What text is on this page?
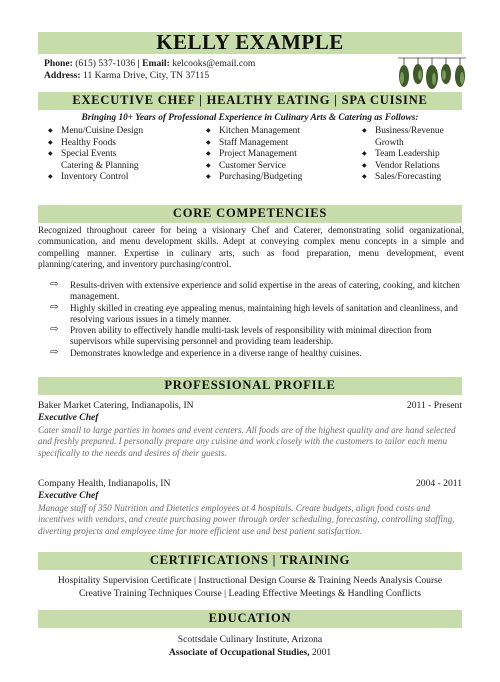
KELLY EXAMPLE
Phone: (615) 537-1036 | Email: kelcooks@email.com
Address: 11 Karma Drive, City, TN 37115
EXECUTIVE CHEF | HEALTHY EATING | SPA CUISINE
Bringing 10+ Years of Professional Experience in Culinary Arts & Catering as Follows:
◆ Menu/Cuisine Design
◆ Healthy Foods
◆ Special Events
Catering & Planning
◆ Inventory Control
◆ Kitchen Management
◆ Staff Management
◆ Project Management
◆ Customer Service
◆ Purchasing/Budgeting
◆ Business/Revenue
Growth
◆ Team Leadership
◆ Vendor Relations
◆ Sales/Forecasting
CORE COMPETENCIES
Recognized throughout career for being a visionary Chef and Caterer, demonstrating solid organizational, communication, and menu development skills. Adept at conveying complex menu concepts in a simple and compelling manner. Expertise in culinary arts, such as food preparation, menu development, event planning/catering, and inventory purchasing/control.
⇨ Results-driven with extensive experience and solid expertise in the areas of catering, cooking, and kitchen management.
⇨ Highly skilled in creating eye appealing menus, maintaining high levels of sanitation and cleanliness, and resolving various issues in a timely manner.
⇨ Proven ability to effectively handle multi-task levels of responsibility with minimal direction from supervisors while supervising personnel and providing team leadership.
⇨ Demonstrates knowledge and experience in a diverse range of healthy cuisines.
PROFESSIONAL PROFILE
Baker Market Catering, Indianapolis, IN	2011 - Present
Executive Chef
Cater small to large parties in homes and event centers. All foods are of the highest quality and are hand selected and freshly prepared. I personally prepare any cuisine and work closely with the customers to tailor each menu specifically to the needs and desires of their guests.
Company Health, Indianapolis, IN	2004 - 2011
Executive Chef
Manage staff of 350 Nutrition and Dietetics employees at 4 hospitals. Create budgets, align food costs and incentives with vendors, and create purchasing power through order scheduling, forecasting, controlling staffing, diverting projects and employee time for more efficient use and best patient satisfaction.
CERTIFICATIONS | TRAINING
Hospitality Supervision Certificate | Instructional Design Course & Training Needs Analysis Course
Creative Training Techniques Course | Leading Effective Meetings & Handling Conflicts
EDUCATION
Scottsdale Culinary Institute, Arizona
Associate of Occupational Studies, 2001
